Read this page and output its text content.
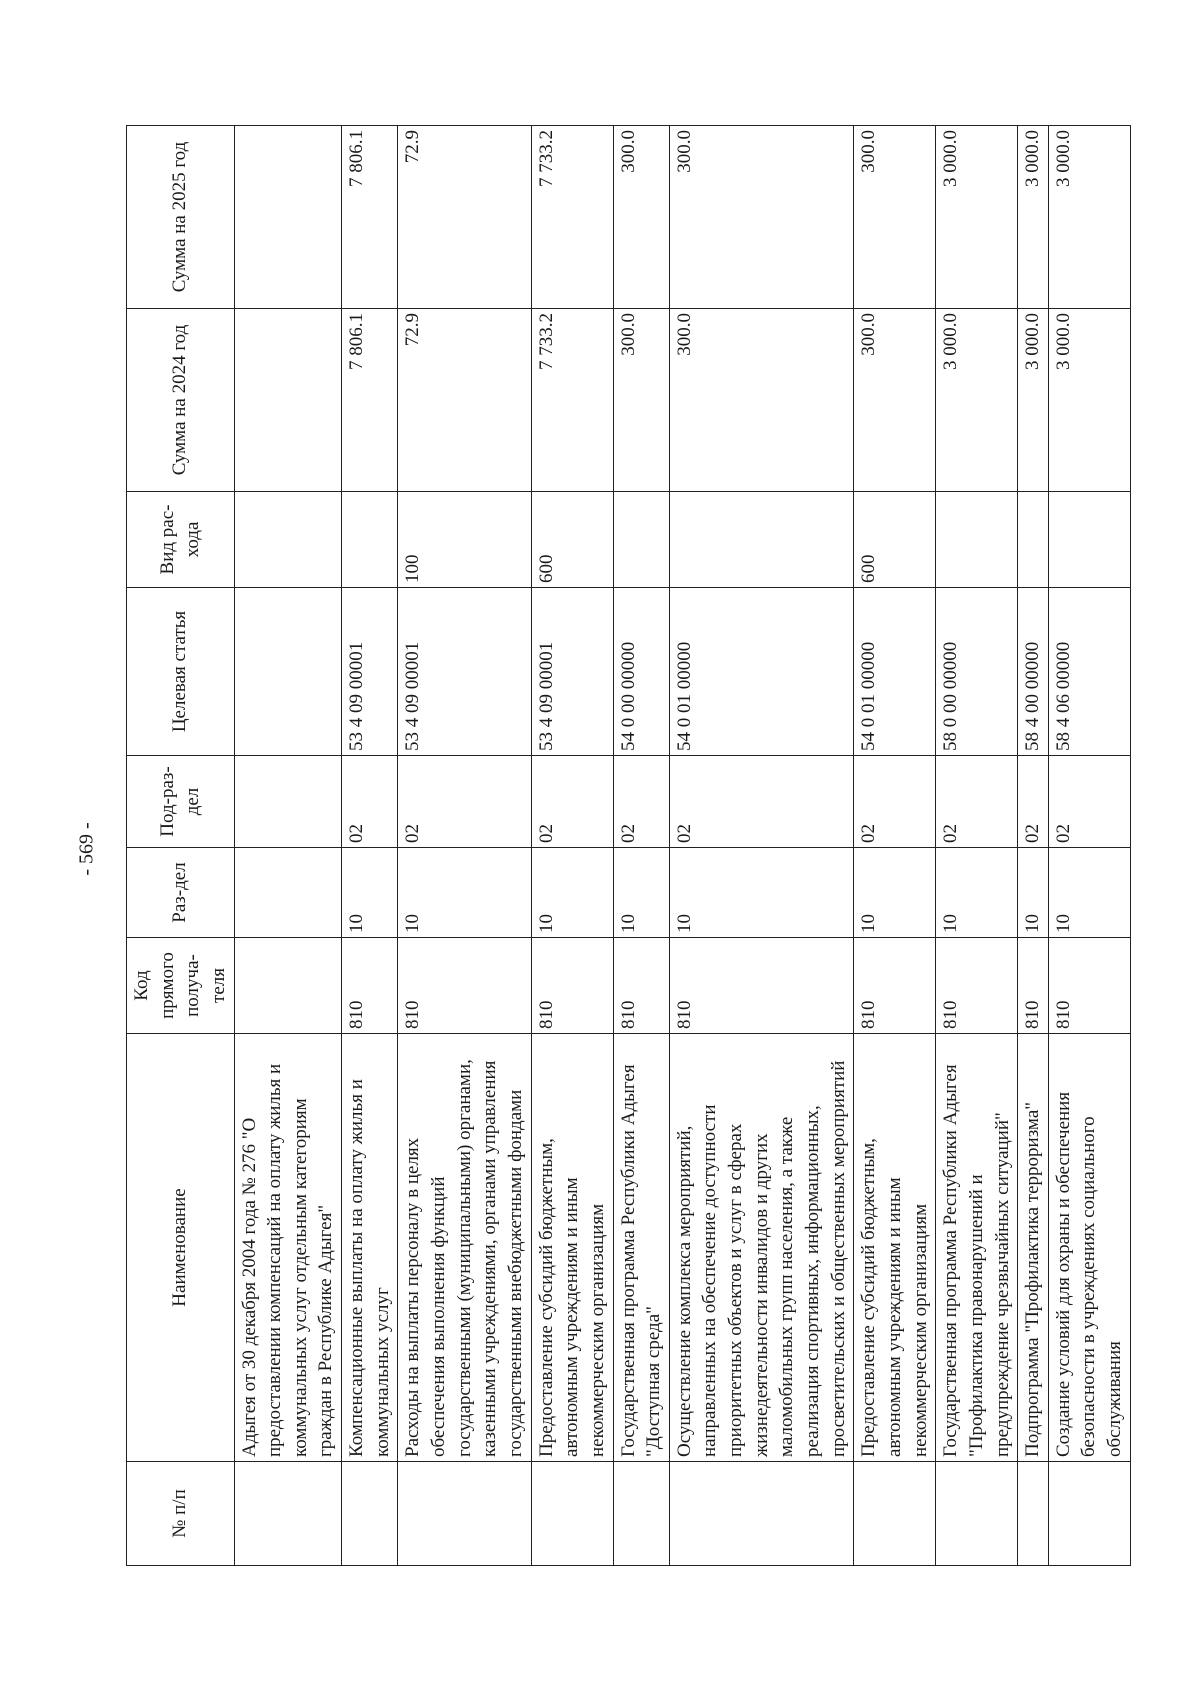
- 569 -
№ п/п	Наименование	Код прямого получа-теля	Раз-дел	Под-раз-дел	Целевая статья	Вид рас-хода	Сумма на 2024 год	Сумма на 2025 год
	Адыгея от 30 декабря 2004 года № 276 "О предоставлении компенсаций на оплату жилья и коммунальных услуг отдельным категориям граждан в Республике Адыгея"							
	Компенсационные выплаты на оплату жилья и коммунальных услуг	810	10	02	53 4 09 00001		7 806.1	7 806.1
	Расходы на выплаты персоналу в целях обеспечения выполнения функций государственными (муниципальными) органами, казенными учреждениями, органами управления государственными внебюджетными фондами	810	10	02	53 4 09 00001	100	72.9	72.9
	Предоставление субсидий бюджетным, автономным учреждениям и иным некоммерческим организациям	810	10	02	53 4 09 00001	600	7 733.2	7 733.2
	Государственная программа Республики Адыгея "Доступная среда"	810	10	02	54 0 00 00000		300.0	300.0
	Осуществление комплекса мероприятий, направленных на обеспечение доступности приоритетных объектов и услуг в сферах жизнедеятельности инвалидов и других маломобильных групп населения, а также реализация спортивных, информационных, просветительских и общественных мероприятий	810	10	02	54 0 01 00000		300.0	300.0
	Предоставление субсидий бюджетным, автономным учреждениям и иным некоммерческим организациям	810	10	02	54 0 01 00000	600	300.0	300.0
	Государственная программа Республики Адыгея "Профилактика правонарушений и предупреждение чрезвычайных ситуаций"	810	10	02	58 0 00 00000		3 000.0	3 000.0
	Подпрограмма "Профилактика терроризма"	810	10	02	58 4 00 00000		3 000.0	3 000.0
	Создание условий для охраны и обеспечения безопасности в учреждениях социального обслуживания	810	10	02	58 4 06 00000		3 000.0	3 000.0
